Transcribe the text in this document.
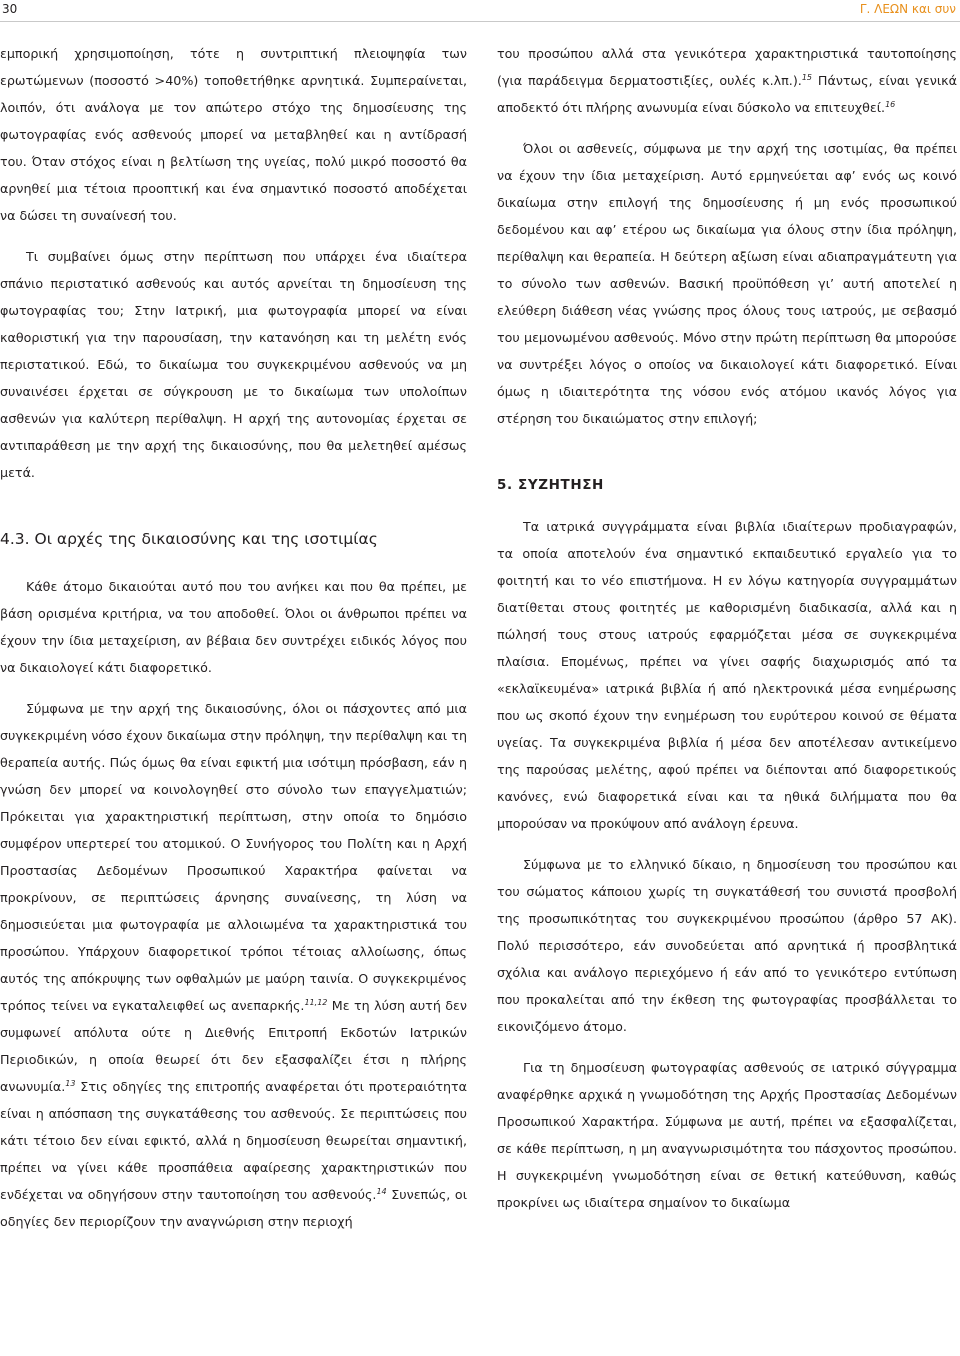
30	Γ. ΛΕΩΝ και συν

εμπορική χρησιμοποίηση, τότε η συντριπτική πλειοψηφία των ερωτώμενων (ποσοστό >40%) τοποθετήθηκε αρνητικά. Συμπεραίνεται, λοιπόν, ότι ανάλογα με τον απώτερο στόχο της δημοσίευσης της φωτογραφίας ενός ασθενούς μπορεί να μεταβληθεί και η αντίδρασή του. Όταν στόχος είναι η βελτίωση της υγείας, πολύ μικρό ποσοστό θα αρνηθεί μια τέτοια προοπτική και ένα σημαντικό ποσοστό αποδέχεται να δώσει τη συναίνεσή του.

Τι συμβαίνει όμως στην περίπτωση που υπάρχει ένα ιδιαίτερα σπάνιο περιστατικό ασθενούς και αυτός αρνείται τη δημοσίευση της φωτογραφίας του; Στην Ιατρική, μια φωτογραφία μπορεί να είναι καθοριστική για την παρουσίαση, την κατανόηση και τη μελέτη ενός περιστατικού. Εδώ, το δικαίωμα του συγκεκριμένου ασθενούς να μη συναινέσει έρχεται σε σύγκρουση με το δικαίωμα των υπολοίπων ασθενών για καλύτερη περίθαλψη. Η αρχή της αυτονομίας έρχεται σε αντιπαράθεση με την αρχή της δικαιοσύνης, που θα μελετηθεί αμέσως μετά.

4.3. Οι αρχές της δικαιοσύνης και της ισοτιμίας

Κάθε άτομο δικαιούται αυτό που του ανήκει και που θα πρέπει, με βάση ορισμένα κριτήρια, να του αποδοθεί. Όλοι οι άνθρωποι πρέπει να έχουν την ίδια μεταχείριση, αν βέβαια δεν συντρέχει ειδικός λόγος που να δικαιολογεί κάτι διαφορετικό.

Σύμφωνα με την αρχή της δικαιοσύνης, όλοι οι πάσχοντες από μια συγκεκριμένη νόσο έχουν δικαίωμα στην πρόληψη, την περίθαλψη και τη θεραπεία αυτής. Πώς όμως θα είναι εφικτή μια ισότιμη πρόσβαση, εάν η γνώση δεν μπορεί να κοινολογηθεί στο σύνολο των επαγγελματιών; Πρόκειται για χαρακτηριστική περίπτωση, στην οποία το δημόσιο συμφέρον υπερτερεί του ατομικού. Ο Συνήγορος του Πολίτη και η Αρχή Προστασίας Δεδομένων Προσωπικού Χαρακτήρα φαίνεται να προκρίνουν, σε περιπτώσεις άρνησης συναίνεσης, τη λύση να δημοσιεύεται μια φωτογραφία με αλλοιωμένα τα χαρακτηριστικά του προσώπου. Υπάρχουν διαφορετικοί τρόποι τέτοιας αλλοίωσης, όπως αυτός της απόκρυψης των οφθαλμών με μαύρη ταινία. Ο συγκεκριμένος τρόπος τείνει να εγκαταλειφθεί ως ανεπαρκής.$^{11,12}$ Με τη λύση αυτή δεν συμφωνεί απόλυτα ούτε η Διεθνής Επιτροπή Εκδοτών Ιατρικών Περιοδικών, η οποία θεωρεί ότι δεν εξασφαλίζει έτσι η πλήρης ανωνυμία.$^{13}$ Στις οδηγίες της επιτροπής αναφέρεται ότι προτεραιότητα είναι η απόσπαση της συγκατάθεσης του ασθενούς. Σε περιπτώσεις που κάτι τέτοιο δεν είναι εφικτό, αλλά η δημοσίευση θεωρείται σημαντική, πρέπει να γίνει κάθε προσπάθεια αφαίρεσης χαρακτηριστικών που ενδέχεται να οδηγήσουν στην ταυτοποίηση του ασθενούς.$^{14}$ Συνεπώς, οι οδηγίες δεν περιορίζουν την αναγνώριση στην περιοχή

του προσώπου αλλά στα γενικότερα χαρακτηριστικά ταυτοποίησης (για παράδειγμα δερματοστιξίες, ουλές κ.λπ.).$^{15}$ Πάντως, είναι γενικά αποδεκτό ότι πλήρης ανωνυμία είναι δύσκολο να επιτευχθεί.$^{16}$

Όλοι οι ασθενείς, σύμφωνα με την αρχή της ισοτιμίας, θα πρέπει να έχουν την ίδια μεταχείριση. Αυτό ερμηνεύεται αφ’ ενός ως κοινό δικαίωμα στην επιλογή της δημοσίευσης ή μη ενός προσωπικού δεδομένου και αφ’ ετέρου ως δικαίωμα για όλους στην ίδια πρόληψη, περίθαλψη και θεραπεία. Η δεύτερη αξίωση είναι αδιαπραγμάτευτη για το σύνολο των ασθενών. Βασική προϋπόθεση γι’ αυτή αποτελεί η ελεύθερη διάθεση νέας γνώσης προς όλους τους ιατρούς, με σεβασμό του μεμονωμένου ασθενούς. Μόνο στην πρώτη περίπτωση θα μπορούσε να συντρέξει λόγος ο οποίος να δικαιολογεί κάτι διαφορετικό. Είναι όμως η ιδιαιτερότητα της νόσου ενός ατόμου ικανός λόγος για στέρηση του δικαιώματος στην επιλογή;

5. ΣΥΖΗΤΗΣΗ

Τα ιατρικά συγγράμματα είναι βιβλία ιδιαίτερων προδιαγραφών, τα οποία αποτελούν ένα σημαντικό εκπαιδευτικό εργαλείο για το φοιτητή και το νέο επιστήμονα. Η εν λόγω κατηγορία συγγραμμάτων διατίθεται στους φοιτητές με καθορισμένη διαδικασία, αλλά και η πώλησή τους στους ιατρούς εφαρμόζεται μέσα σε συγκεκριμένα πλαίσια. Επομένως, πρέπει να γίνει σαφής διαχωρισμός από τα «εκλαϊκευμένα» ιατρικά βιβλία ή από ηλεκτρονικά μέσα ενημέρωσης που ως σκοπό έχουν την ενημέρωση του ευρύτερου κοινού σε θέματα υγείας. Τα συγκεκριμένα βιβλία ή μέσα δεν αποτέλεσαν αντικείμενο της παρούσας μελέτης, αφού πρέπει να διέπονται από διαφορετικούς κανόνες, ενώ διαφορετικά είναι και τα ηθικά διλήμματα που θα μπορούσαν να προκύψουν από ανάλογη έρευνα.

Σύμφωνα με το ελληνικό δίκαιο, η δημοσίευση του προσώπου και του σώματος κάποιου χωρίς τη συγκατάθεσή του συνιστά προσβολή της προσωπικότητας του συγκεκριμένου προσώπου (άρθρο 57 ΑΚ). Πολύ περισσότερο, εάν συνοδεύεται από αρνητικά ή προσβλητικά σχόλια και ανάλογο περιεχόμενο ή εάν από το γενικότερο εντύπωση που προκαλείται από την έκθεση της φωτογραφίας προσβάλλεται το εικονιζόμενο άτομο.

Για τη δημοσίευση φωτογραφίας ασθενούς σε ιατρικό σύγγραμμα αναφέρθηκε αρχικά η γνωμοδότηση της Αρχής Προστασίας Δεδομένων Προσωπικού Χαρακτήρα. Σύμφωνα με αυτή, πρέπει να εξασφαλίζεται, σε κάθε περίπτωση, η μη αναγνωρισιμότητα του πάσχοντος προσώπου. Η συγκεκριμένη γνωμοδότηση είναι σε θετική κατεύθυνση, καθώς προκρίνει ως ιδιαίτερα σημαίνον το δικαίωμα
